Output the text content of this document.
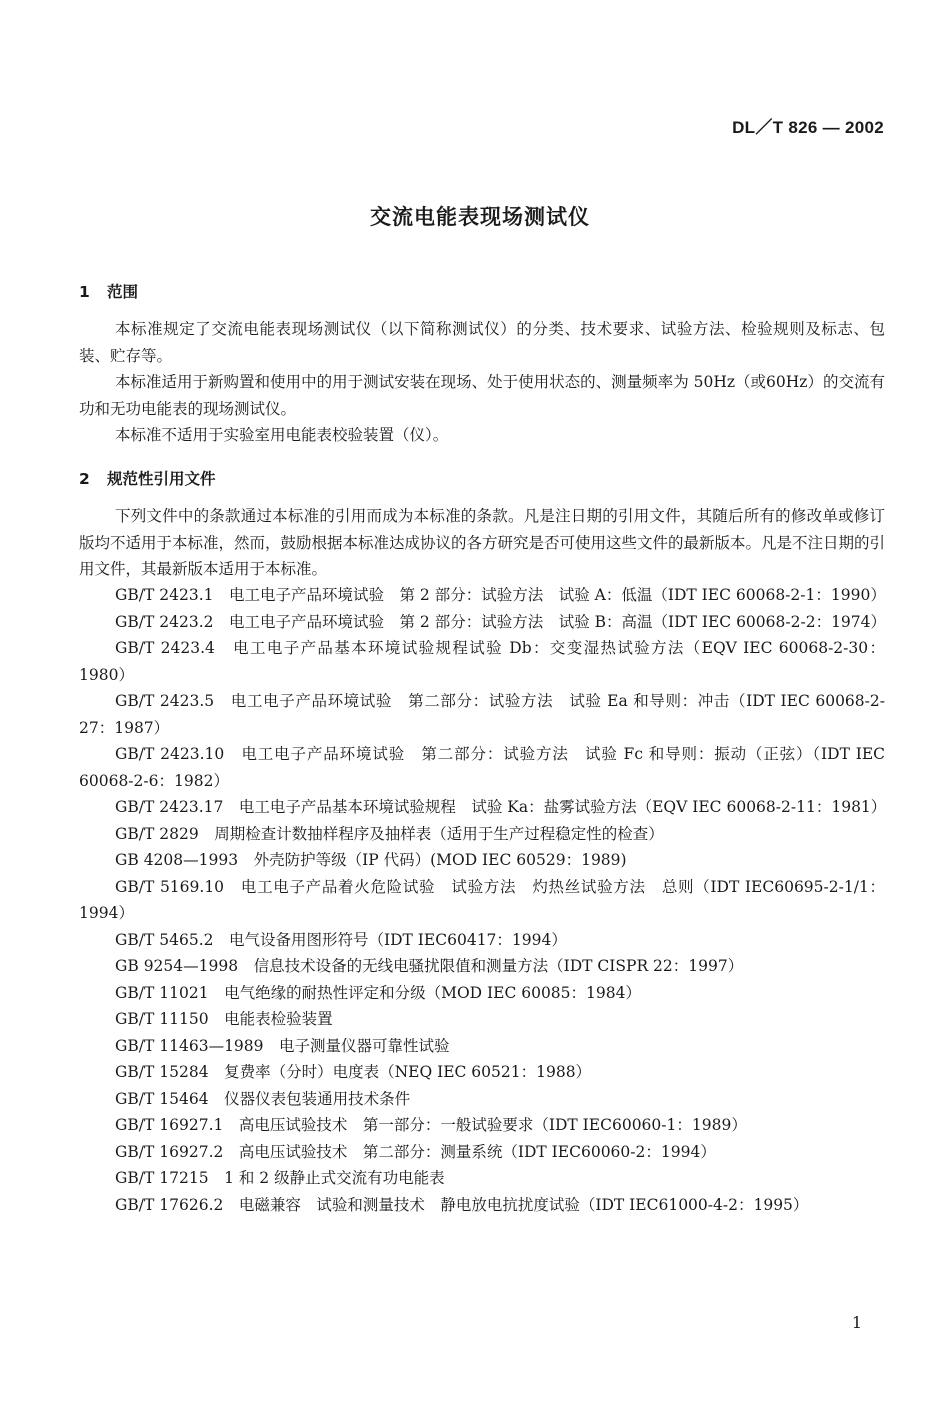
DL／T 826 — 2002
交流电能表现场测试仪
1 范围

本标准规定了交流电能表现场测试仪（以下简称测试仪）的分类、技术要求、试验方法、检验规则及标志、包装、贮存等。

本标准适用于新购置和使用中的用于测试安装在现场、处于使用状态的、测量频率为 50Hz（或60Hz）的交流有功和无功电能表的现场测试仪。

本标准不适用于实验室用电能表校验装置（仪）。

2 规范性引用文件

下列文件中的条款通过本标准的引用而成为本标准的条款。凡是注日期的引用文件，其随后所有的修改单或修订版均不适用于本标准，然而，鼓励根据本标准达成协议的各方研究是否可使用这些文件的最新版本。凡是不注日期的引用文件，其最新版本适用于本标准。

GB/T 2423.1　电工电子产品环境试验　第 2 部分：试验方法　试验 A：低温（IDT IEC 60068-2-1：1990）
GB/T 2423.2　电工电子产品环境试验　第 2 部分：试验方法　试验 B：高温（IDT IEC 60068-2-2：1974）
GB/T 2423.4　电工电子产品基本环境试验规程试验 Db：交变湿热试验方法（EQV IEC 60068-2-30：1980）
GB/T 2423.5　电工电子产品环境试验　第二部分：试验方法　试验 Ea 和导则：冲击（IDT IEC 60068-2-27：1987）
GB/T 2423.10　电工电子产品环境试验　第二部分：试验方法　试验 Fc 和导则：振动（正弦）（IDT IEC 60068-2-6：1982）
GB/T 2423.17　电工电子产品基本环境试验规程　试验 Ka：盐雾试验方法（EQV IEC 60068-2-11：1981）
GB/T 2829　周期检查计数抽样程序及抽样表（适用于生产过程稳定性的检查）
GB 4208—1993　外壳防护等级（IP 代码）(MOD IEC 60529：1989)
GB/T 5169.10　电工电子产品着火危险试验　试验方法　灼热丝试验方法　总则（IDT IEC60695-2-1/1：1994）
GB/T 5465.2　电气设备用图形符号（IDT IEC60417：1994）
GB 9254—1998　信息技术设备的无线电骚扰限值和测量方法（IDT CISPR 22：1997）
GB/T 11021　电气绝缘的耐热性评定和分级（MOD IEC 60085：1984）
GB/T 11150　电能表检验装置
GB/T 11463—1989　电子测量仪器可靠性试验
GB/T 15284　复费率（分时）电度表（NEQ IEC 60521：1988）
GB/T 15464　仪器仪表包装通用技术条件
GB/T 16927.1　高电压试验技术　第一部分：一般试验要求（IDT IEC60060-1：1989）
GB/T 16927.2　高电压试验技术　第二部分：测量系统（IDT IEC60060-2：1994）
GB/T 17215　1 和 2 级静止式交流有功电能表
GB/T 17626.2　电磁兼容　试验和测量技术　静电放电抗扰度试验（IDT IEC61000-4-2：1995）
1
